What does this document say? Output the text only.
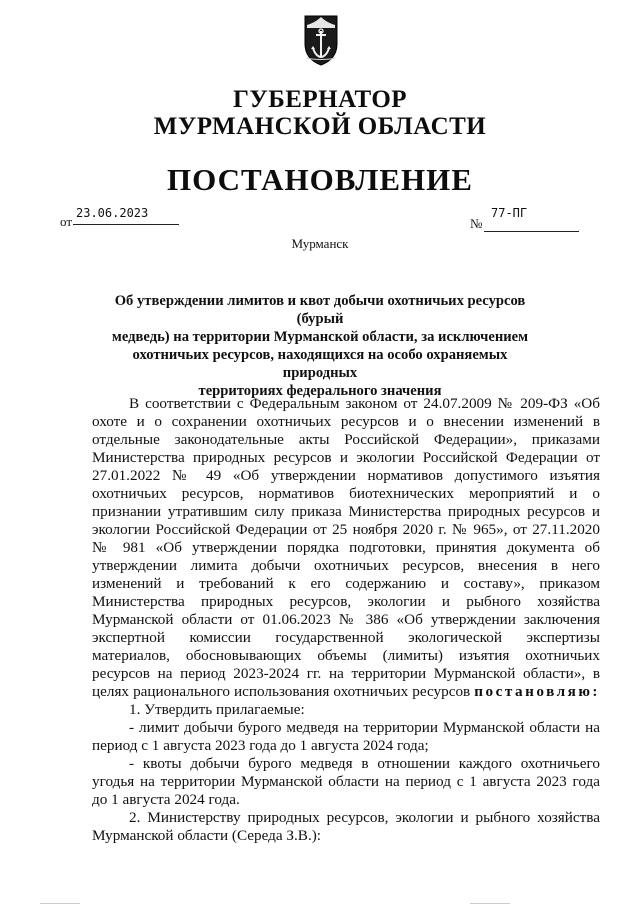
ГУБЕРНАТОР
МУРМАНСКОЙ ОБЛАСТИ
ПОСТАНОВЛЕНИЕ
от
23.06.2023
№
77-ПГ
Мурманск
Об утверждении лимитов и квот добычи охотничьих ресурсов (бурый
медведь) на территории Мурманской области, за исключением
охотничьих ресурсов, находящихся на особо охраняемых природных
территориях федерального значения

В соответствии с Федеральным законом от 24.07.2009 № 209-ФЗ «Об

охоте и о сохранении охотничьих ресурсов и о внесении изменений в

отдельные законодательные акты Российской Федерации», приказами

Министерства природных ресурсов и экологии Российской Федерации от

27.01.2022 № 49 «Об утверждении нормативов допустимого изъятия

охотничьих ресурсов, нормативов биотехнических мероприятий и о

признании утратившим силу приказа Министерства природных ресурсов и

экологии Российской Федерации от 25 ноября 2020 г. № 965», от 27.11.2020

№ 981 «Об утверждении порядка подготовки, принятия документа об

утверждении лимита добычи охотничьих ресурсов, внесения в него

изменений и требований к его содержанию и составу», приказом

Министерства природных ресурсов, экологии и рыбного хозяйства

Мурманской области от 01.06.2023 № 386 «Об утверждении заключения

экспертной комиссии государственной экологической экспертизы

материалов, обосновывающих объемы (лимиты) изъятия охотничьих

ресурсов на период 2023-2024 гг. на территории Мурманской области», в

целях рационального использования охотничьих ресурсов постановляю:

1. Утвердить прилагаемые:

- лимит добычи бурого медведя на территории Мурманской области на

период с 1 августа 2023 года до 1 августа 2024 года;

- квоты добычи бурого медведя в отношении каждого охотничьего

угодья на территории Мурманской области на период с 1 августа 2023 года

до 1 августа 2024 года.

2. Министерству природных ресурсов, экологии и рыбного хозяйства

Мурманской области (Середа З.В.):
